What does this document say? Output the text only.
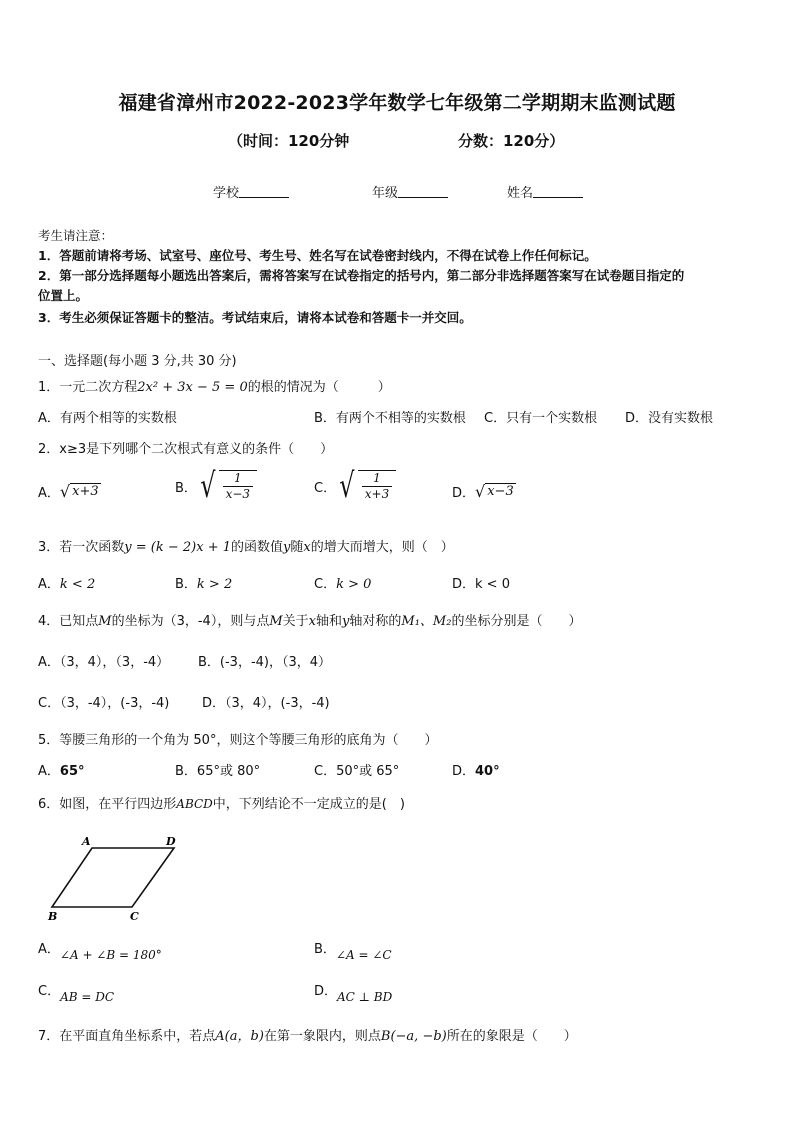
福建省漳州市2022-2023学年数学七年级第二学期期末监测试题
（时间：120分钟	分数：120分）
学校	年级	姓名
考生请注意：
1．答题前请将考场、试室号、座位号、考生号、姓名写在试卷密封线内，不得在试卷上作任何标记。
2．第一部分选择题每小题选出答案后，需将答案写在试卷指定的括号内，第二部分非选择题答案写在试卷题目指定的
位置上。
3．考生必须保证答题卡的整洁。考试结束后，请将本试卷和答题卡一并交回。
一、选择题(每小题 3 分,共 30 分)
1．一元二次方程2x² + 3x − 5 = 0的根的情况为（　　　）
A．有两个相等的实数根	B．有两个不相等的实数根 C．只有一个实数根 D．没有实数根
2．x≥3是下列哪个二次根式有意义的条件（　　）
A． √ x+3	B． √ $\frac{1}{x-3}$	C． √ $\frac{1}{x+3}$	D． √ x−3
3．若一次函数y = (k − 2)x + 1的函数值y随x的增大而增大，则（　）
A．k < 2	B．k > 2	C．k > 0	D．k < 0
4．已知点M的坐标为（3，-4），则与点M关于x轴和y轴对称的M₁、M₂的坐标分别是（　　）
A．（3，4），（3，-4） B．(-3，-4)，（3，4）
C．（3，-4），(-3，-4)	D．（3，4），(-3，-4)
5．等腰三角形的一个角为 50°，则这个等腰三角形的底角为（　　）
A．65°	B．65°或 80°	C．50°或 65°	D．40°
6．如图，在平行四边形ABCD中，下列结论不一定成立的是(　)
A	D
B	C
A．∠A + ∠B = 180°	B．∠A = ∠C
C．AB = DC	D．AC ⊥ BD
7．在平面直角坐标系中，若点A(a，b)在第一象限内，则点B(−a, −b)所在的象限是（　　）
